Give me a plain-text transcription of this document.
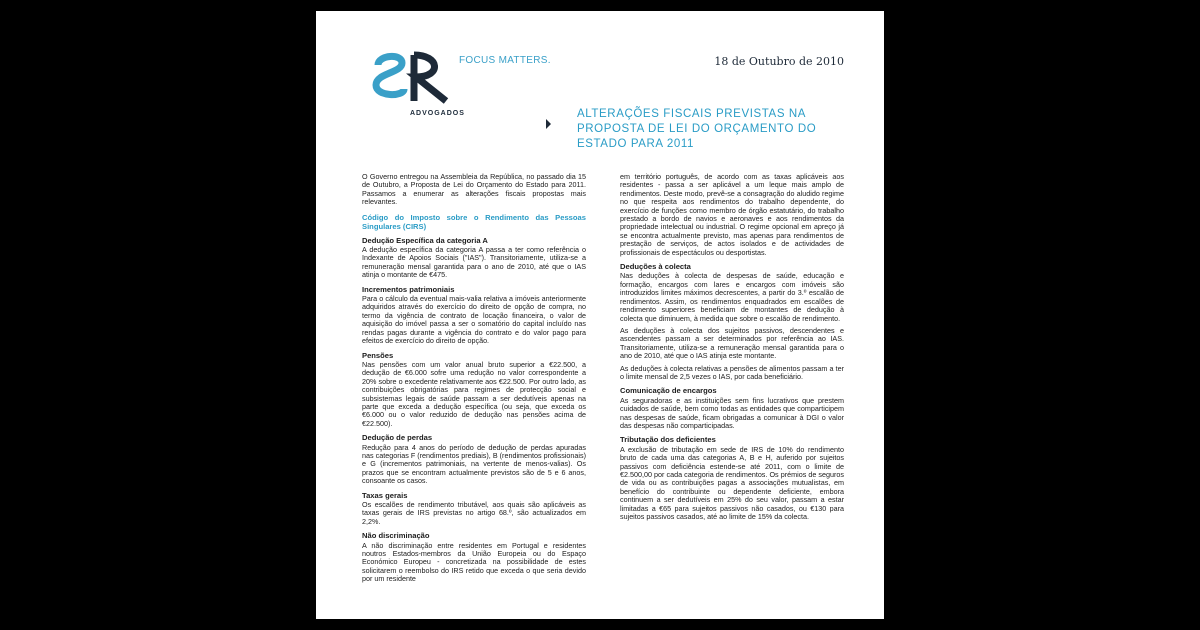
ADVOGADOS
FOCUS MATTERS.	18 de Outubro de 2010
ALTERAÇÕES FISCAIS PREVISTAS NA PROPOSTA DE LEI DO ORÇAMENTO DO ESTADO PARA 2011

O Governo entregou na Assembleia da República, no passado dia 15 de Outubro, a Proposta de Lei do Orçamento do Estado para 2011. Passamos a enumerar as alterações fiscais propostas mais relevantes.

Código do Imposto sobre o Rendimento das Pessoas Singulares (CIRS)
Dedução Específica da categoria A

A dedução específica da categoria A passa a ter como referência o Indexante de Apoios Sociais ("IAS"). Transitoriamente, utiliza-se a remuneração mensal garantida para o ano de 2010, até que o IAS atinja o montante de €475.

Incrementos patrimoniais

Para o cálculo da eventual mais-valia relativa a imóveis anteriormente adquiridos através do exercício do direito de opção de compra, no termo da vigência de contrato de locação financeira, o valor de aquisição do imóvel passa a ser o somatório do capital incluído nas rendas pagas durante a vigência do contrato e do valor pago para efeitos de exercício do direito de opção.

Pensões

Nas pensões com um valor anual bruto superior a €22.500, a dedução de €6.000 sofre uma redução no valor correspondente a 20% sobre o excedente relativamente aos €22.500. Por outro lado, as contribuições obrigatórias para regimes de protecção social e subsistemas legais de saúde passam a ser dedutíveis apenas na parte que exceda a dedução específica (ou seja, que exceda os €6.000 ou o valor reduzido de dedução nas pensões acima de €22.500).

Dedução de perdas

Redução para 4 anos do período de dedução de perdas apuradas nas categorias F (rendimentos prediais), B (rendimentos profissionais) e G (incrementos patrimoniais, na vertente de menos-valias). Os prazos que se encontram actualmente previstos são de 5 e 6 anos, consoante os casos.

Taxas gerais

Os escalões de rendimento tributável, aos quais são aplicáveis as taxas gerais de IRS previstas no artigo 68.º, são actualizados em 2,2%.

Não discriminação

A não discriminação entre residentes em Portugal e residentes noutros Estados-membros da União Europeia ou do Espaço Económico Europeu - concretizada na possibilidade de estes solicitarem o reembolso do IRS retido que exceda o que seria devido por um residente

em território português, de acordo com as taxas aplicáveis aos residentes - passa a ser aplicável a um leque mais amplo de rendimentos. Deste modo, prevê-se a consagração do aludido regime no que respeita aos rendimentos do trabalho dependente, do exercício de funções como membro de órgão estatutário, do trabalho prestado a bordo de navios e aeronaves e aos rendimentos da propriedade intelectual ou industrial. O regime opcional em apreço já se encontra actualmente previsto, mas apenas para rendimentos de prestação de serviços, de actos isolados e de actividades de profissionais de espectáculos ou desportistas.

Deduções à colecta

Nas deduções à colecta de despesas de saúde, educação e formação, encargos com lares e encargos com imóveis são introduzidos limites máximos decrescentes, a partir do 3.º escalão de rendimentos. Assim, os rendimentos enquadrados em escalões de rendimento superiores beneficiam de montantes de dedução à colecta que diminuem, à medida que sobre o escalão de rendimento.

As deduções à colecta dos sujeitos passivos, descendentes e ascendentes passam a ser determinados por referência ao IAS. Transitoriamente, utiliza-se a remuneração mensal garantida para o ano de 2010, até que o IAS atinja este montante.

As deduções à colecta relativas a pensões de alimentos passam a ter o limite mensal de 2,5 vezes o IAS, por cada beneficiário.

Comunicação de encargos

As seguradoras e as instituições sem fins lucrativos que prestem cuidados de saúde, bem como todas as entidades que comparticipem nas despesas de saúde, ficam obrigadas a comunicar à DGI o valor das despesas não comparticipadas.

Tributação dos deficientes

A exclusão de tributação em sede de IRS de 10% do rendimento bruto de cada uma das categorias A, B e H, auferido por sujeitos passivos com deficiência estende-se até 2011, com o limite de €2.500,00 por cada categoria de rendimentos. Os prémios de seguros de vida ou as contribuições pagas a associações mutualistas, em benefício do contribuinte ou dependente deficiente, embora continuem a ser dedutíveis em 25% do seu valor, passam a estar limitadas a €65 para sujeitos passivos não casados, ou €130 para sujeitos passivos casados, até ao limite de 15% da colecta.
